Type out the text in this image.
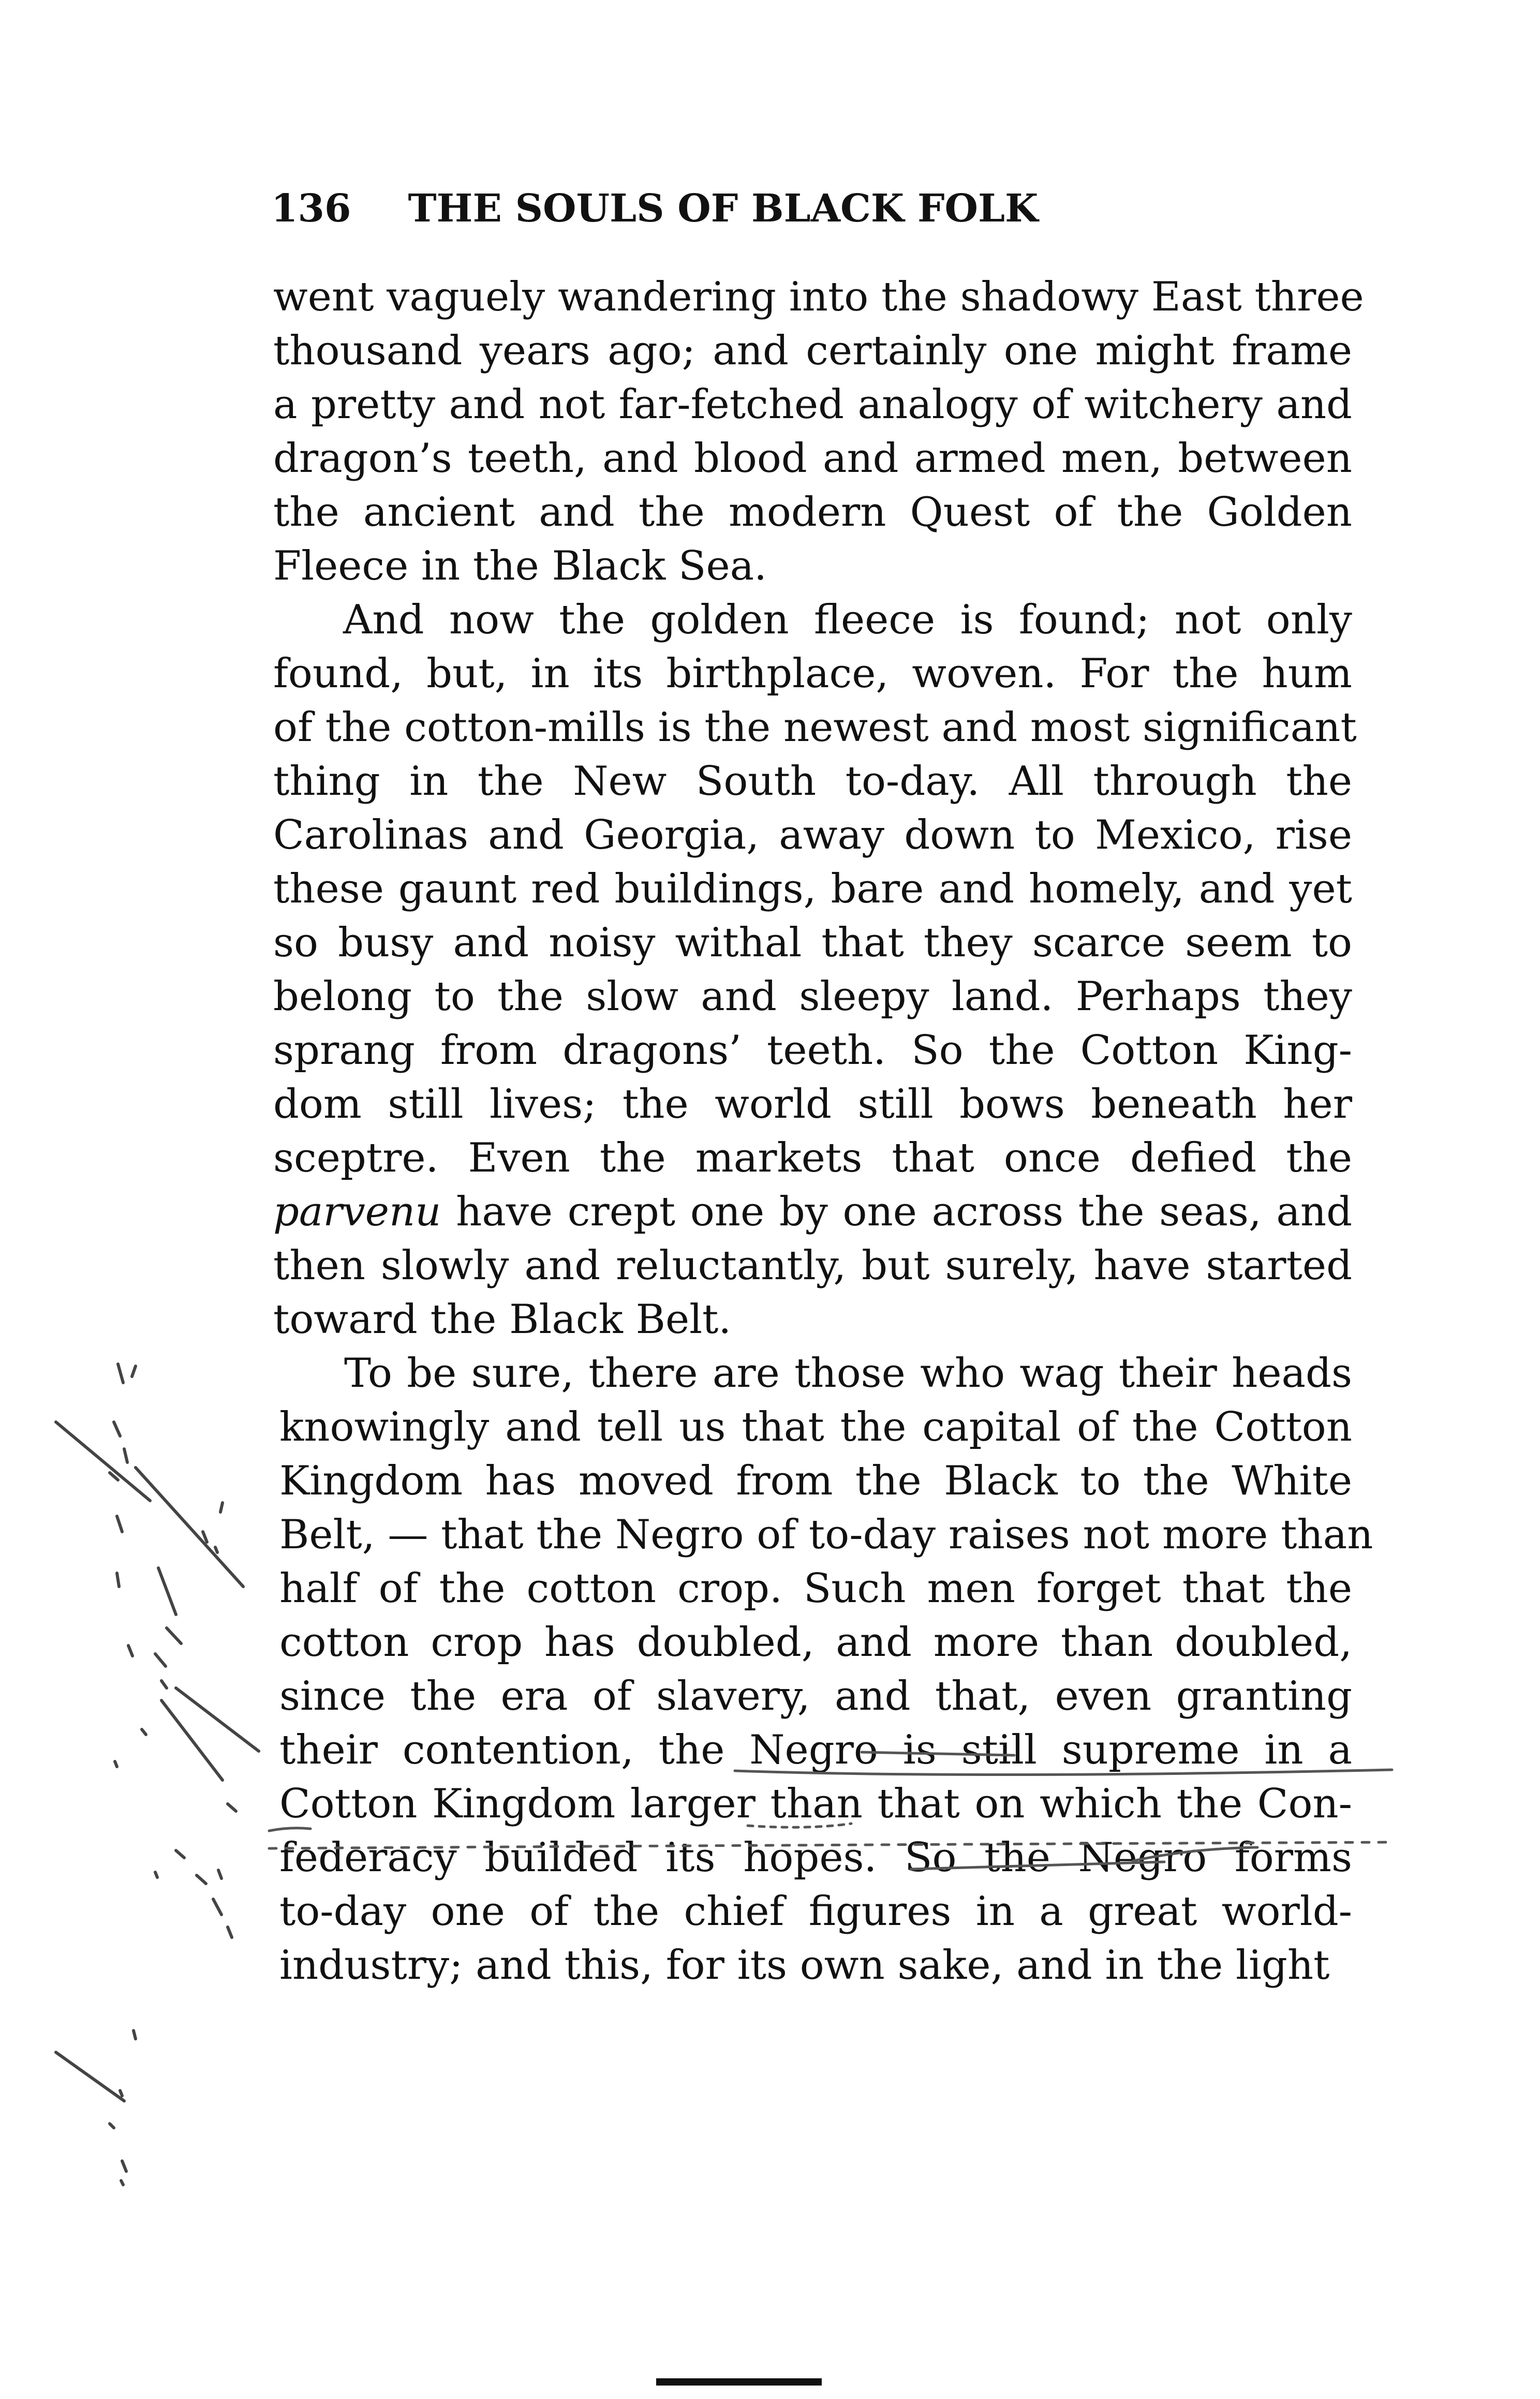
136 THE SOULS OF BLACK FOLK
went vaguely wandering into the shadowy East three
thousand years ago; and certainly one might frame
a pretty and not far-fetched analogy of witchery and
dragon’s teeth, and blood and armed men, between
the ancient and the modern Quest of the Golden
Fleece in the Black Sea.
And now the golden fleece is found; not only
found, but, in its birthplace, woven. For the hum
of the cotton-mills is the newest and most significant
thing in the New South to-day. All through the
Carolinas and Georgia, away down to Mexico, rise
these gaunt red buildings, bare and homely, and yet
so busy and noisy withal that they scarce seem to
belong to the slow and sleepy land. Perhaps they
sprang from dragons’ teeth. So the Cotton King-
dom still lives; the world still bows beneath her
sceptre. Even the markets that once defied the
parvenu have crept one by one across the seas, and
then slowly and reluctantly, but surely, have started
toward the Black Belt.
To be sure, there are those who wag their heads
knowingly and tell us that the capital of the Cotton
Kingdom has moved from the Black to the White
Belt, — that the Negro of to-day raises not more than
half of the cotton crop. Such men forget that the
cotton crop has doubled, and more than doubled,
since the era of slavery, and that, even granting
their contention, the Negro is still supreme in a
Cotton Kingdom larger than that on which the Con-
federacy builded its hopes. So the Negro forms
to-day one of the chief figures in a great world-
industry; and this, for its own sake, and in the light
